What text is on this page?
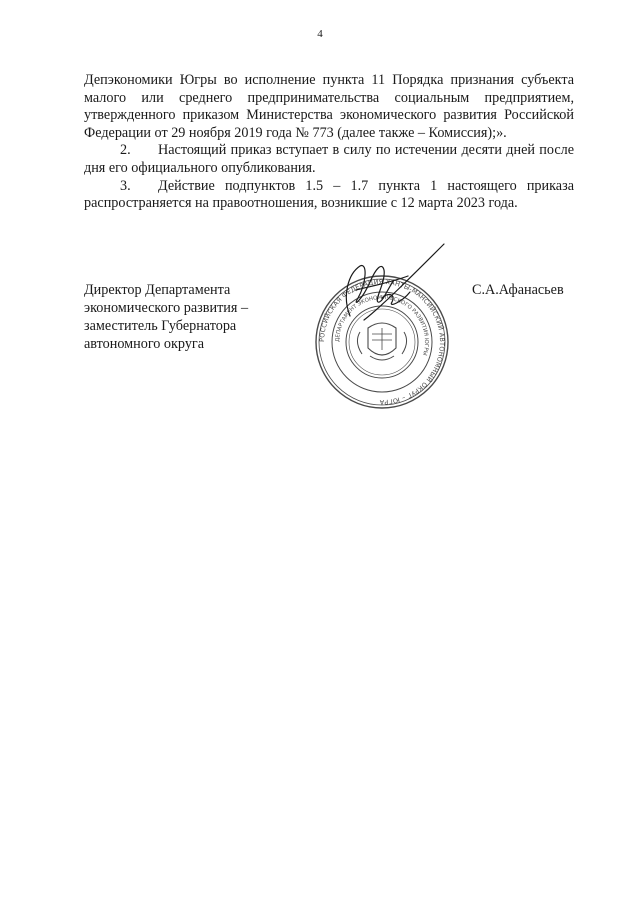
4

Депэкономики Югры во исполнение пункта 11 Порядка признания субъекта малого или среднего предпринимательства социальным предприятием, утвержденного приказом Министерства экономического развития Российской Федерации от 29 ноября 2019 года № 773 (далее также – Комиссия);».

2. Настоящий приказ вступает в силу по истечении десяти дней после дня его официального опубликования.

3. Действие подпунктов 1.5 – 1.7 пункта 1 настоящего приказа распространяется на правоотношения, возникшие с 12 марта 2023 года.

Директор Департамента
экономического развития –
заместитель Губернатора
автономного округа	РОССИЙСКАЯ ФЕДЕРАЦИЯ ХАНТЫ-МАНСИЙСКИЙ АВТОНОМНЫЙ ОКРУГ – ЮГРА
ДЕПАРТАМЕНТ ЭКОНОМИЧЕСКОГО РАЗВИТИЯ ЮГРЫ
С.А.Афанасьев
